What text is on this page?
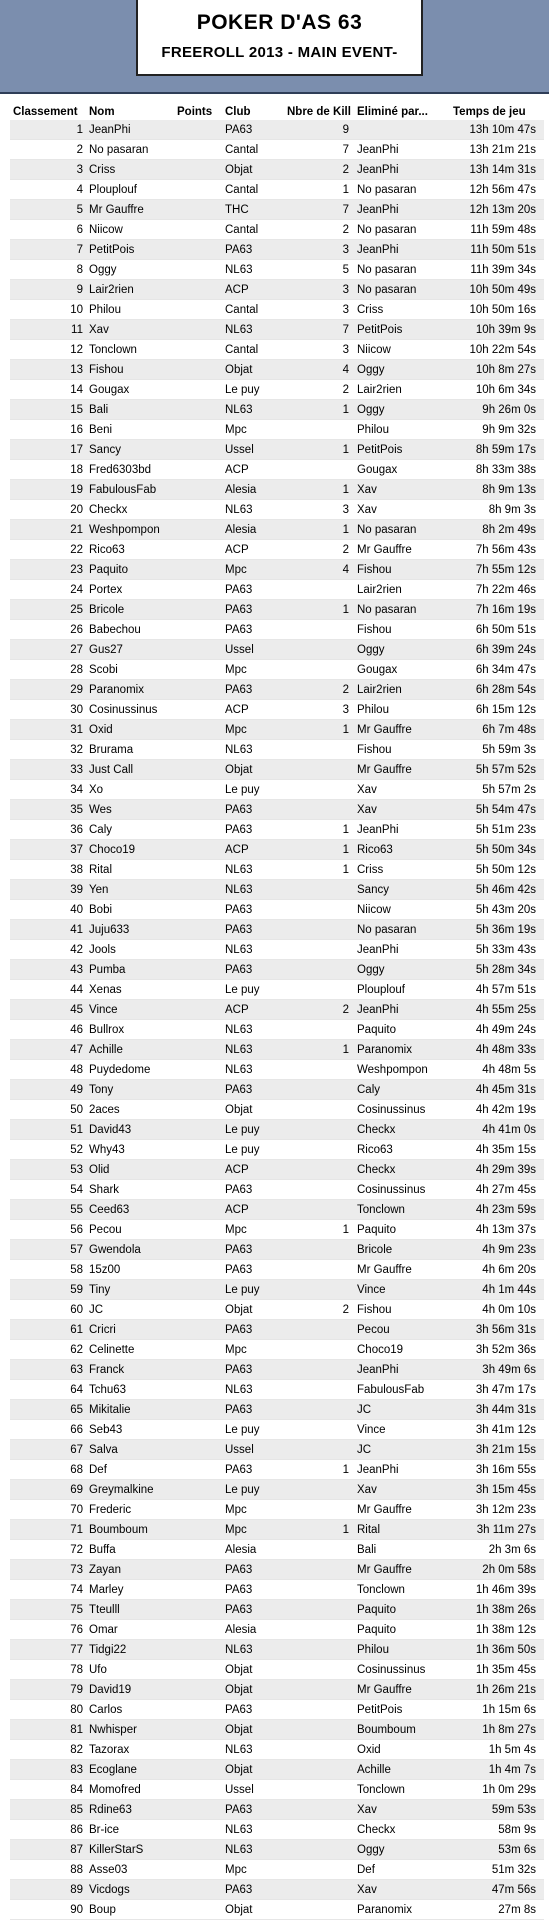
POKER D'AS 63
FREEROLL 2013 - MAIN EVENT-
Classement	Nom	Points	Club	Nbre de Kill	Eliminé par...	Temps de jeu
1	JeanPhi		PA63	9		13h 10m 47s
2	No pasaran		Cantal	7	JeanPhi	13h 21m 21s
3	Criss		Objat	2	JeanPhi	13h 14m 31s
4	Plouplouf		Cantal	1	No pasaran	12h 56m 47s
5	Mr Gauffre		THC	7	JeanPhi	12h 13m 20s
6	Niicow		Cantal	2	No pasaran	11h 59m 48s
7	PetitPois		PA63	3	JeanPhi	11h 50m 51s
8	Oggy		NL63	5	No pasaran	11h 39m 34s
9	Lair2rien		ACP	3	No pasaran	10h 50m 49s
10	Philou		Cantal	3	Criss	10h 50m 16s
11	Xav		NL63	7	PetitPois	10h 39m 9s
12	Tonclown		Cantal	3	Niicow	10h 22m 54s
13	Fishou		Objat	4	Oggy	10h 8m 27s
14	Gougax		Le puy	2	Lair2rien	10h 6m 34s
15	Bali		NL63	1	Oggy	9h 26m 0s
16	Beni		Mpc		Philou	9h 9m 32s
17	Sancy		Ussel	1	PetitPois	8h 59m 17s
18	Fred6303bd		ACP		Gougax	8h 33m 38s
19	FabulousFab		Alesia	1	Xav	8h 9m 13s
20	Checkx		NL63	3	Xav	8h 9m 3s
21	Weshpompon		Alesia	1	No pasaran	8h 2m 49s
22	Rico63		ACP	2	Mr Gauffre	7h 56m 43s
23	Paquito		Mpc	4	Fishou	7h 55m 12s
24	Portex		PA63		Lair2rien	7h 22m 46s
25	Bricole		PA63	1	No pasaran	7h 16m 19s
26	Babechou		PA63		Fishou	6h 50m 51s
27	Gus27		Ussel		Oggy	6h 39m 24s
28	Scobi		Mpc		Gougax	6h 34m 47s
29	Paranomix		PA63	2	Lair2rien	6h 28m 54s
30	Cosinussinus		ACP	3	Philou	6h 15m 12s
31	Oxid		Mpc	1	Mr Gauffre	6h 7m 48s
32	Brurama		NL63		Fishou	5h 59m 3s
33	Just Call		Objat		Mr Gauffre	5h 57m 52s
34	Xo		Le puy		Xav	5h 57m 2s
35	Wes		PA63		Xav	5h 54m 47s
36	Caly		PA63	1	JeanPhi	5h 51m 23s
37	Choco19		ACP	1	Rico63	5h 50m 34s
38	Rital		NL63	1	Criss	5h 50m 12s
39	Yen		NL63		Sancy	5h 46m 42s
40	Bobi		PA63		Niicow	5h 43m 20s
41	Juju633		PA63		No pasaran	5h 36m 19s
42	Jools		NL63		JeanPhi	5h 33m 43s
43	Pumba		PA63		Oggy	5h 28m 34s
44	Xenas		Le puy		Plouplouf	4h 57m 51s
45	Vince		ACP	2	JeanPhi	4h 55m 25s
46	Bullrox		NL63		Paquito	4h 49m 24s
47	Achille		NL63	1	Paranomix	4h 48m 33s
48	Puydedome		NL63		Weshpompon	4h 48m 5s
49	Tony		PA63		Caly	4h 45m 31s
50	2aces		Objat		Cosinussinus	4h 42m 19s
51	David43		Le puy		Checkx	4h 41m 0s
52	Why43		Le puy		Rico63	4h 35m 15s
53	Olid		ACP		Checkx	4h 29m 39s
54	Shark		PA63		Cosinussinus	4h 27m 45s
55	Ceed63		ACP		Tonclown	4h 23m 59s
56	Pecou		Mpc	1	Paquito	4h 13m 37s
57	Gwendola		PA63		Bricole	4h 9m 23s
58	15z00		PA63		Mr Gauffre	4h 6m 20s
59	Tiny		Le puy		Vince	4h 1m 44s
60	JC		Objat	2	Fishou	4h 0m 10s
61	Cricri		PA63		Pecou	3h 56m 31s
62	Celinette		Mpc		Choco19	3h 52m 36s
63	Franck		PA63		JeanPhi	3h 49m 6s
64	Tchu63		NL63		FabulousFab	3h 47m 17s
65	Mikitalie		PA63		JC	3h 44m 31s
66	Seb43		Le puy		Vince	3h 41m 12s
67	Salva		Ussel		JC	3h 21m 15s
68	Def		PA63	1	JeanPhi	3h 16m 55s
69	Greymalkine		Le puy		Xav	3h 15m 45s
70	Frederic		Mpc		Mr Gauffre	3h 12m 23s
71	Boumboum		Mpc	1	Rital	3h 11m 27s
72	Buffa		Alesia		Bali	2h 3m 6s
73	Zayan		PA63		Mr Gauffre	2h 0m 58s
74	Marley		PA63		Tonclown	1h 46m 39s
75	Tteulll		PA63		Paquito	1h 38m 26s
76	Omar		Alesia		Paquito	1h 38m 12s
77	Tidgi22		NL63		Philou	1h 36m 50s
78	Ufo		Objat		Cosinussinus	1h 35m 45s
79	David19		Objat		Mr Gauffre	1h 26m 21s
80	Carlos		PA63		PetitPois	1h 15m 6s
81	Nwhisper		Objat		Boumboum	1h 8m 27s
82	Tazorax		NL63		Oxid	1h 5m 4s
83	Ecoglane		Objat		Achille	1h 4m 7s
84	Momofred		Ussel		Tonclown	1h 0m 29s
85	Rdine63		PA63		Xav	59m 53s
86	Br-ice		NL63		Checkx	58m 9s
87	KillerStarS		NL63		Oggy	53m 6s
88	Asse03		Mpc		Def	51m 32s
89	Vicdogs		PA63		Xav	47m 56s
90	Boup		Objat		Paranomix	27m 8s
